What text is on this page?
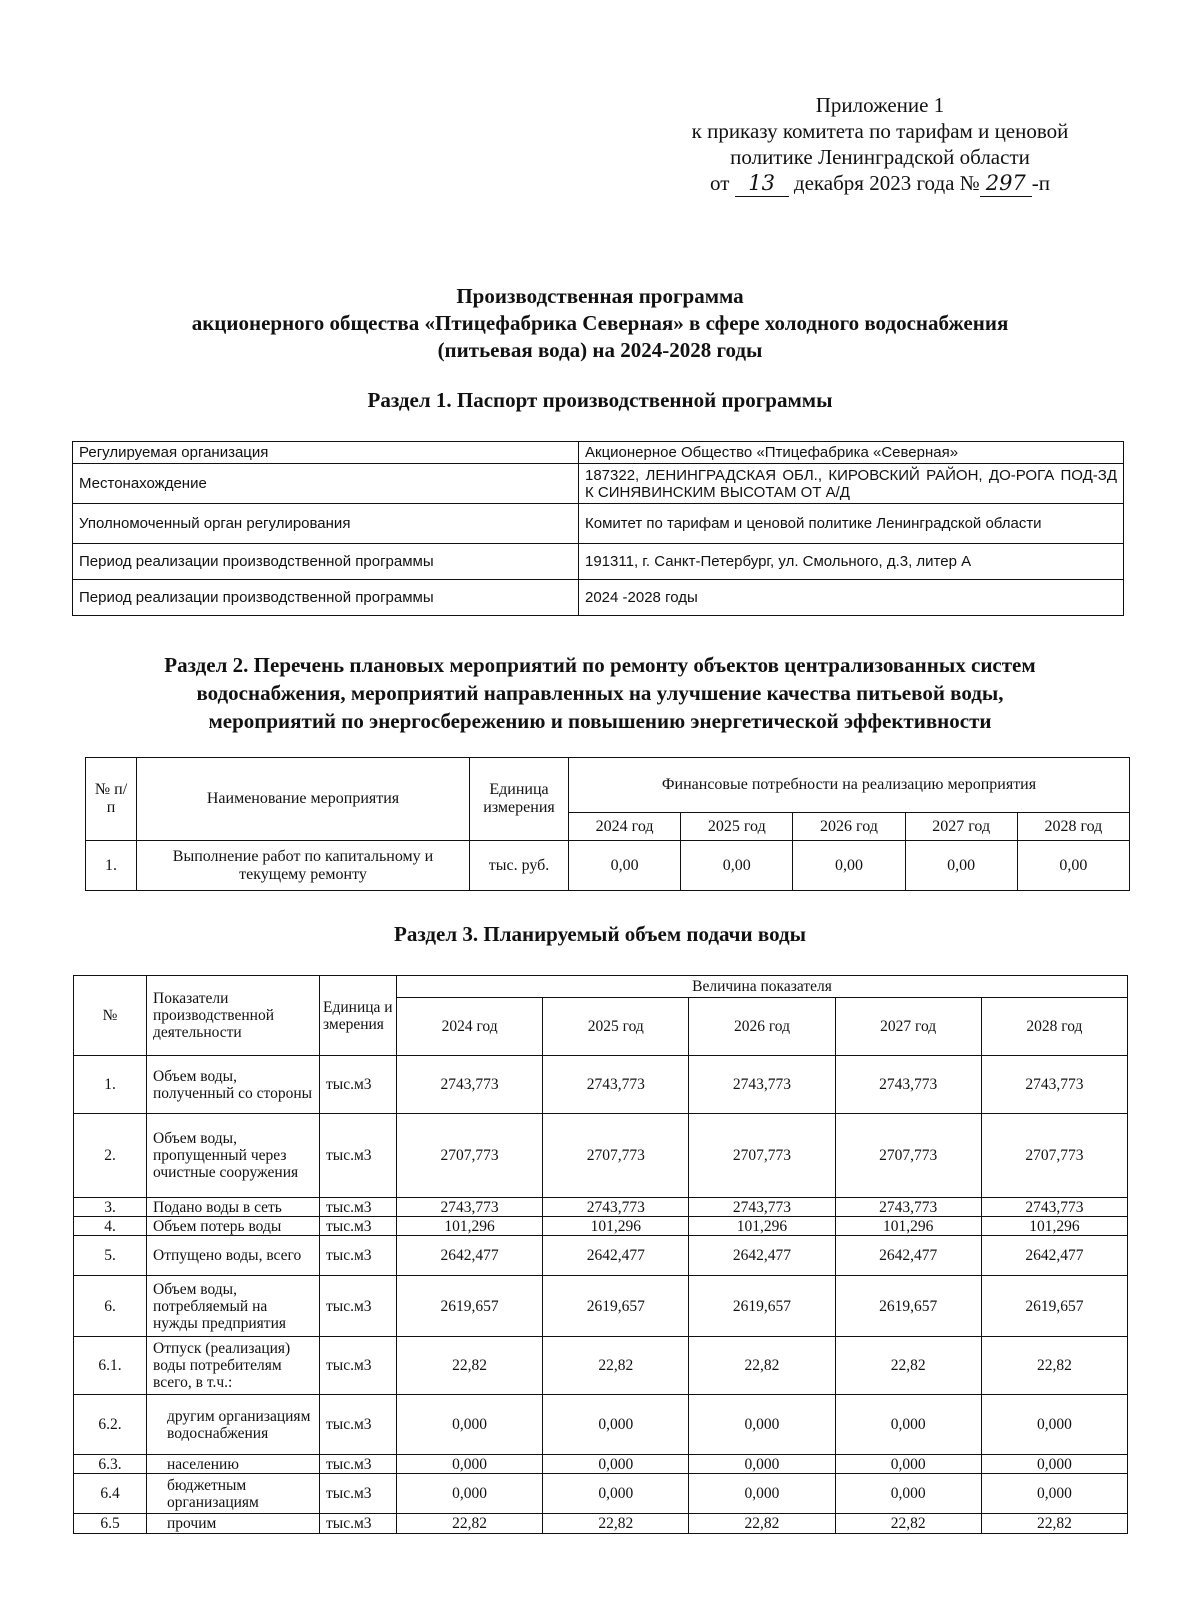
Приложение 1
к приказу комитета по тарифам и ценовой
политике Ленинградской области
от 13 декабря 2023 года № 297 -п
Производственная программа
акционерного общества «Птицефабрика Северная» в сфере холодного водоснабжения
(питьевая вода) на 2024-2028 годы
Раздел 1. Паспорт производственной программы
Регулируемая организация	Акционерное Общество «Птицефабрика «Северная»
Местонахождение	187322, ЛЕНИНГРАДСКАЯ ОБЛ., КИРОВСКИЙ РАЙОН, ДО-РОГА ПОД-ЗД К СИНЯВИНСКИМ ВЫСОТАМ ОТ А/Д
Уполномоченный орган регулирования	Комитет по тарифам и ценовой политике Ленинградской области
Период реализации производственной программы	191311, г. Санкт-Петербург, ул. Смольного, д.3, литер А
Период реализации производственной программы	2024 -2028 годы
Раздел 2. Перечень плановых мероприятий по ремонту объектов централизованных систем
водоснабжения, мероприятий направленных на улучшение качества питьевой воды,
мероприятий по энергосбережению и повышению энергетической эффективности
№ п/п	Наименование мероприятия	Единица измерения	Финансовые потребности на реализацию мероприятия				
			2024 год	2025 год	2026 год	2027 год	2028 год
1.	Выполнение работ по капитальному и текущему ремонту	тыс. руб.	0,00	0,00	0,00	0,00	0,00
Раздел 3. Планируемый объем подачи воды
№	Показатели производственной деятельности	Единица измерения	Величина показателя				
			2024 год	2025 год	2026 год	2027 год	2028 год
1.	Объем воды, полученный со стороны	тыс.м3	2743,773	2743,773	2743,773	2743,773	2743,773
2.	Объем воды, пропущенный через очистные сооружения	тыс.м3	2707,773	2707,773	2707,773	2707,773	2707,773
3.	Подано воды в сеть	тыс.м3	2743,773	2743,773	2743,773	2743,773	2743,773
4.	Объем потерь воды	тыс.м3	101,296	101,296	101,296	101,296	101,296
5.	Отпущено воды, всего	тыс.м3	2642,477	2642,477	2642,477	2642,477	2642,477
6.	Объем воды, потребляемый на нужды предприятия	тыс.м3	2619,657	2619,657	2619,657	2619,657	2619,657
6.1.	Отпуск (реализация) воды потребителям всего, в т.ч.:	тыс.м3	22,82	22,82	22,82	22,82	22,82
6.2.	другим организациям водоснабжения	тыс.м3	0,000	0,000	0,000	0,000	0,000
6.3.	населению	тыс.м3	0,000	0,000	0,000	0,000	0,000
6.4	бюджетным организациям	тыс.м3	0,000	0,000	0,000	0,000	0,000
6.5	прочим	тыс.м3	22,82	22,82	22,82	22,82	22,82
